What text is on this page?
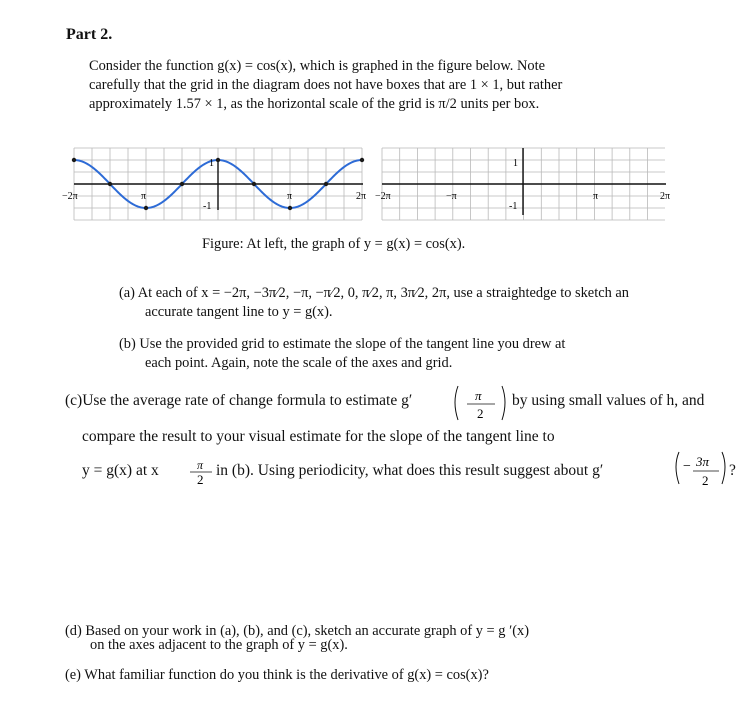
Part 2.
Consider the function g(x) = cos(x), which is graphed in the figure below. Note
carefully that the grid in the diagram does not have boxes that are 1 × 1, but rather
approximately 1.57 × 1, as the horizontal scale of the grid is π/2 units per box.
−2π	π	π	2π
1
-1
−2π	−π	π	2π
1
-1
π
2
π
2
− 3π
2
Figure: At left, the graph of y = g(x) = cos(x).
(a) At each of x = −2π, −3π⁄2, −π, −π⁄2, 0, π⁄2, π, 3π⁄2, 2π, use a straightedge to sketch an
accurate tangent line to y = g(x).
(b) Use the provided grid to estimate the slope of the tangent line you drew at
each point. Again, note the scale of the axes and grid.
(c)Use the average rate of change formula to estimate g′	by using small values of h, and
compare the result to your visual estimate for the slope of the tangent line to
y = g(x) at x	in (b). Using periodicity, what does this result suggest about g′	?
(d) Based on your work in (a), (b), and (c), sketch an accurate graph of y = g ′(x)
on the axes adjacent to the graph of y = g(x).
(e) What familiar function do you think is the derivative of g(x) = cos(x)?
